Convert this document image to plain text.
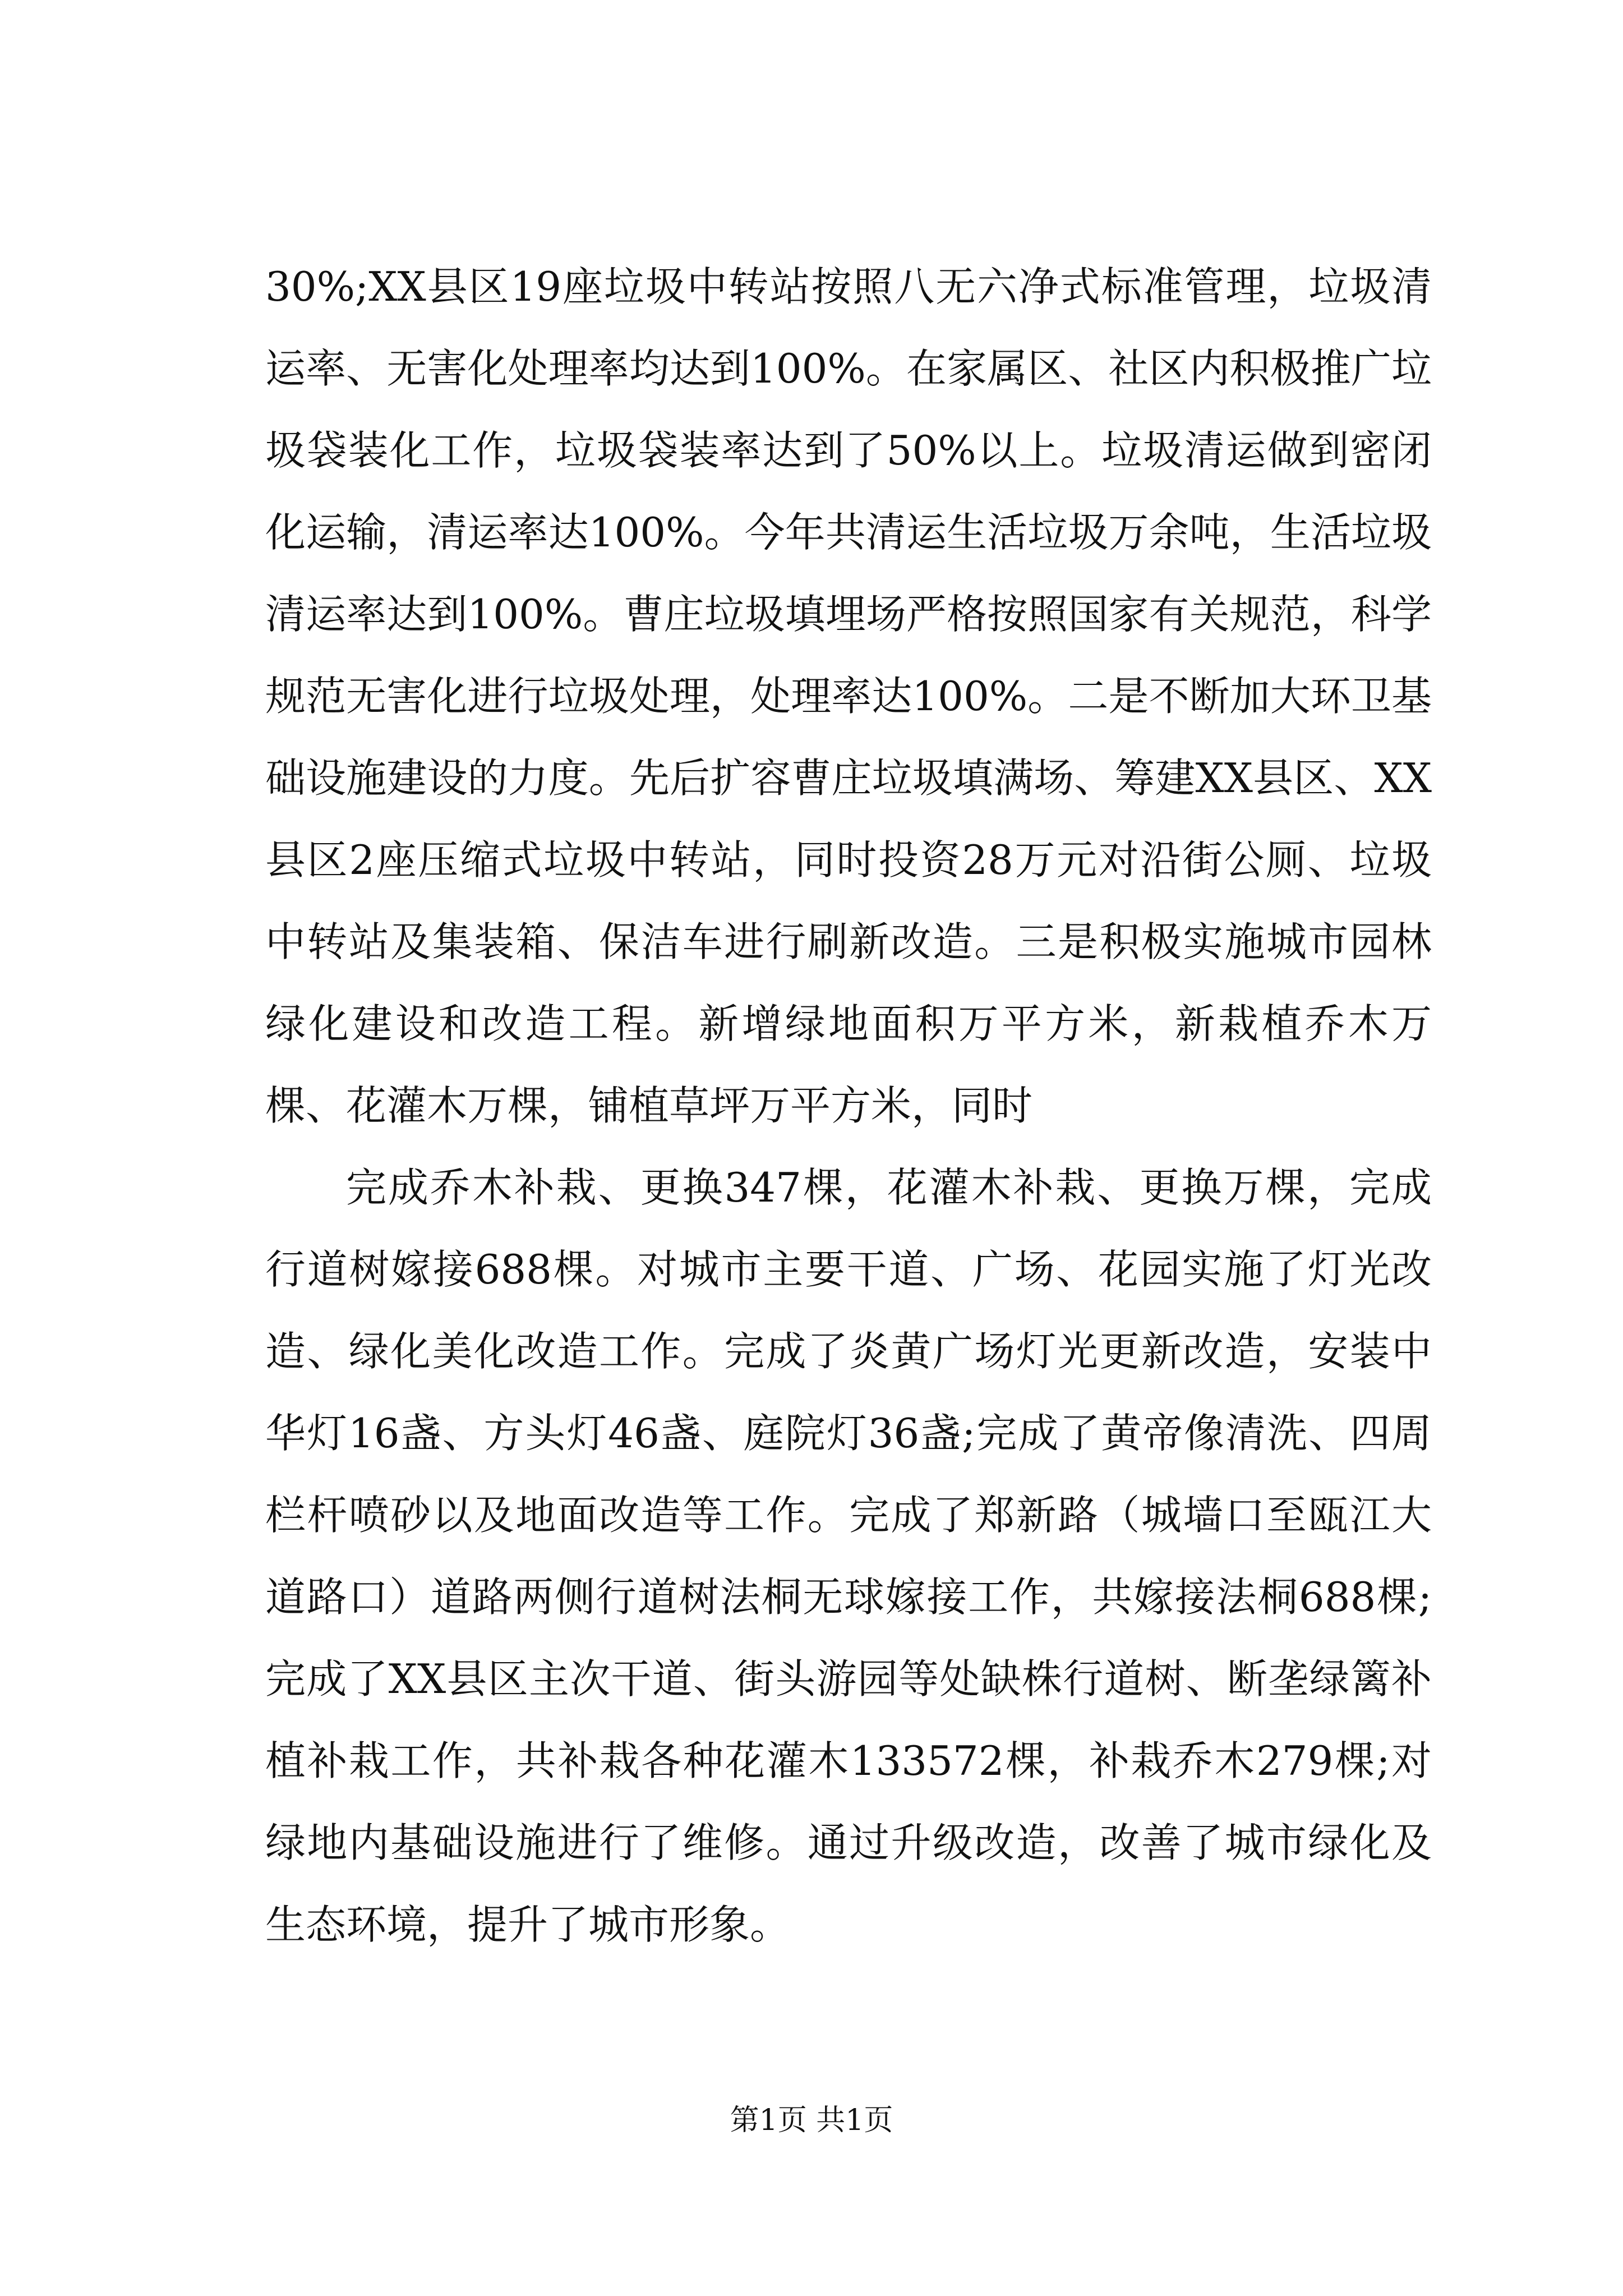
30%;XX县区19座垃圾中转站按照八无六净式标准管理，垃圾清运率、无害化处理率均达到100%。在家属区、社区内积极推广垃圾袋装化工作，垃圾袋装率达到了50%以上。垃圾清运做到密闭化运输，清运率达100%。今年共清运生活垃圾万余吨，生活垃圾清运率达到100%。曹庄垃圾填埋场严格按照国家有关规范，科学规范无害化进行垃圾处理，处理率达100%。二是不断加大环卫基础设施建设的力度。先后扩容曹庄垃圾填满场、筹建XX县区、XX县区2座压缩式垃圾中转站，同时投资28万元对沿街公厕、垃圾中转站及集装箱、保洁车进行刷新改造。三是积极实施城市园林绿化建设和改造工程。新增绿地面积万平方米，新栽植乔木万棵、花灌木万棵，铺植草坪万平方米，同时

完成乔木补栽、更换347棵，花灌木补栽、更换万棵，完成行道树嫁接688棵。对城市主要干道、广场、花园实施了灯光改造、绿化美化改造工作。完成了炎黄广场灯光更新改造，安装中华灯16盏、方头灯46盏、庭院灯36盏;完成了黄帝像清洗、四周栏杆喷砂以及地面改造等工作。完成了郑新路（城墙口至瓯江大道路口）道路两侧行道树法桐无球嫁接工作，共嫁接法桐688棵;完成了XX县区主次干道、街头游园等处缺株行道树、断垄绿篱补植补栽工作，共补栽各种花灌木133572棵，补栽乔木279棵;对绿地内基础设施进行了维修。通过升级改造，改善了城市绿化及生态环境，提升了城市形象。

第1页 共1页
